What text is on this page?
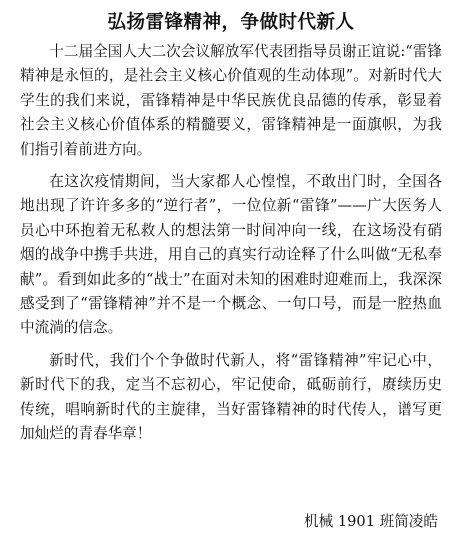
弘扬雷锋精神，争做时代新人

十二届全国人大二次会议解放军代表团指导员谢正谊说:“雷锋精神是永恒的，是社会主义核心价值观的生动体现”。对新时代大学生的我们来说，雷锋精神是中华民族优良品德的传承，彰显着社会主义核心价值体系的精髓要义，雷锋精神是一面旗帜，为我们指引着前进方向。

在这次疫情期间，当大家都人心惶惶，不敢出门时，全国各地出现了许许多多的“逆行者”，一位位新“雷锋”——广大医务人员心中环抱着无私救人的想法第一时间冲向一线，在这场没有硝烟的战争中携手共进，用自己的真实行动诠释了什么叫做“无私奉献”。看到如此多的“战士”在面对未知的困难时迎难而上，我深深感受到了“雷锋精神”并不是一个概念、一句口号，而是一腔热血中流淌的信念。

新时代，我们个个争做时代新人，将“雷锋精神”牢记心中，新时代下的我，定当不忘初心，牢记使命，砥砺前行，赓续历史传统，唱响新时代的主旋律，当好雷锋精神的时代传人，谱写更加灿烂的青春华章！

机械 1901 班简凌皓
